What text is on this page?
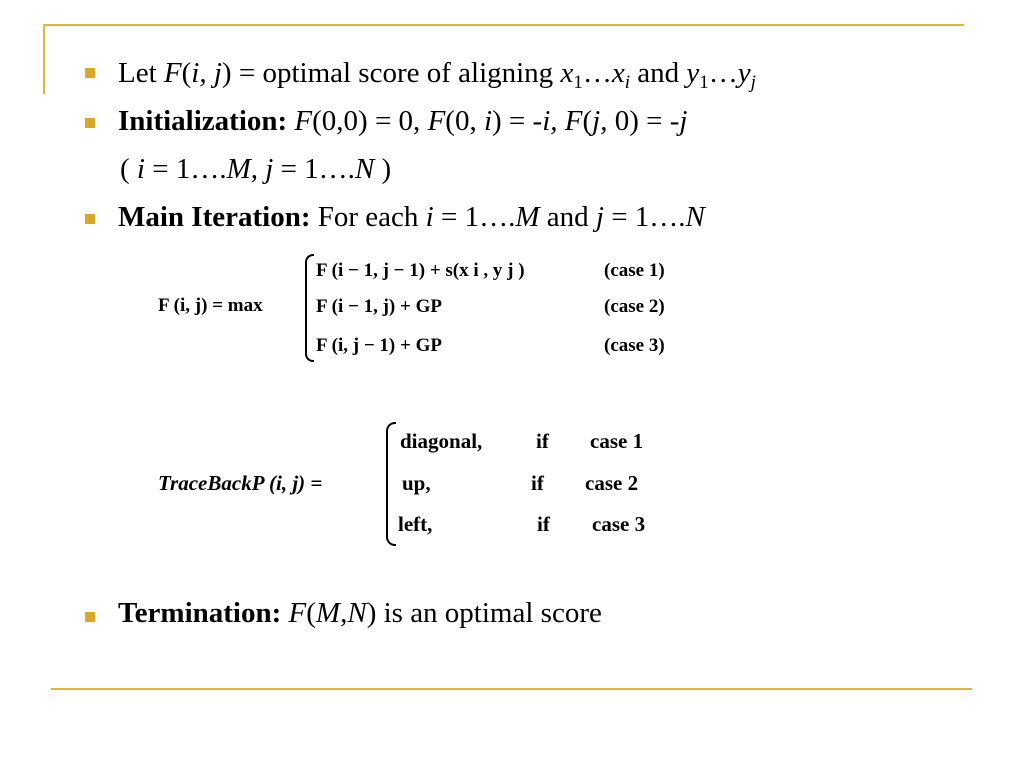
Let F(i, j) = optimal score of aligning $x_1\dots x_i$ and $y_1\dots y_j$
Initialization: F(0,0) = 0, F(0, i) = -i, F(j, 0) = -j
( i = 1….M, j = 1….N )
Main Iteration: For each i = 1….M and j = 1….N
F (i, j) = max
F (i − 1, j − 1) + s(x i , y j )	(case 1)
F (i − 1, j) + GP	(case 2)
F (i, j − 1) + GP	(case 3)
TraceBackP (i, j) =
diagonal,	if case 1
up,	if case 2
left,	if case 3
Termination: F(M,N) is an optimal score
